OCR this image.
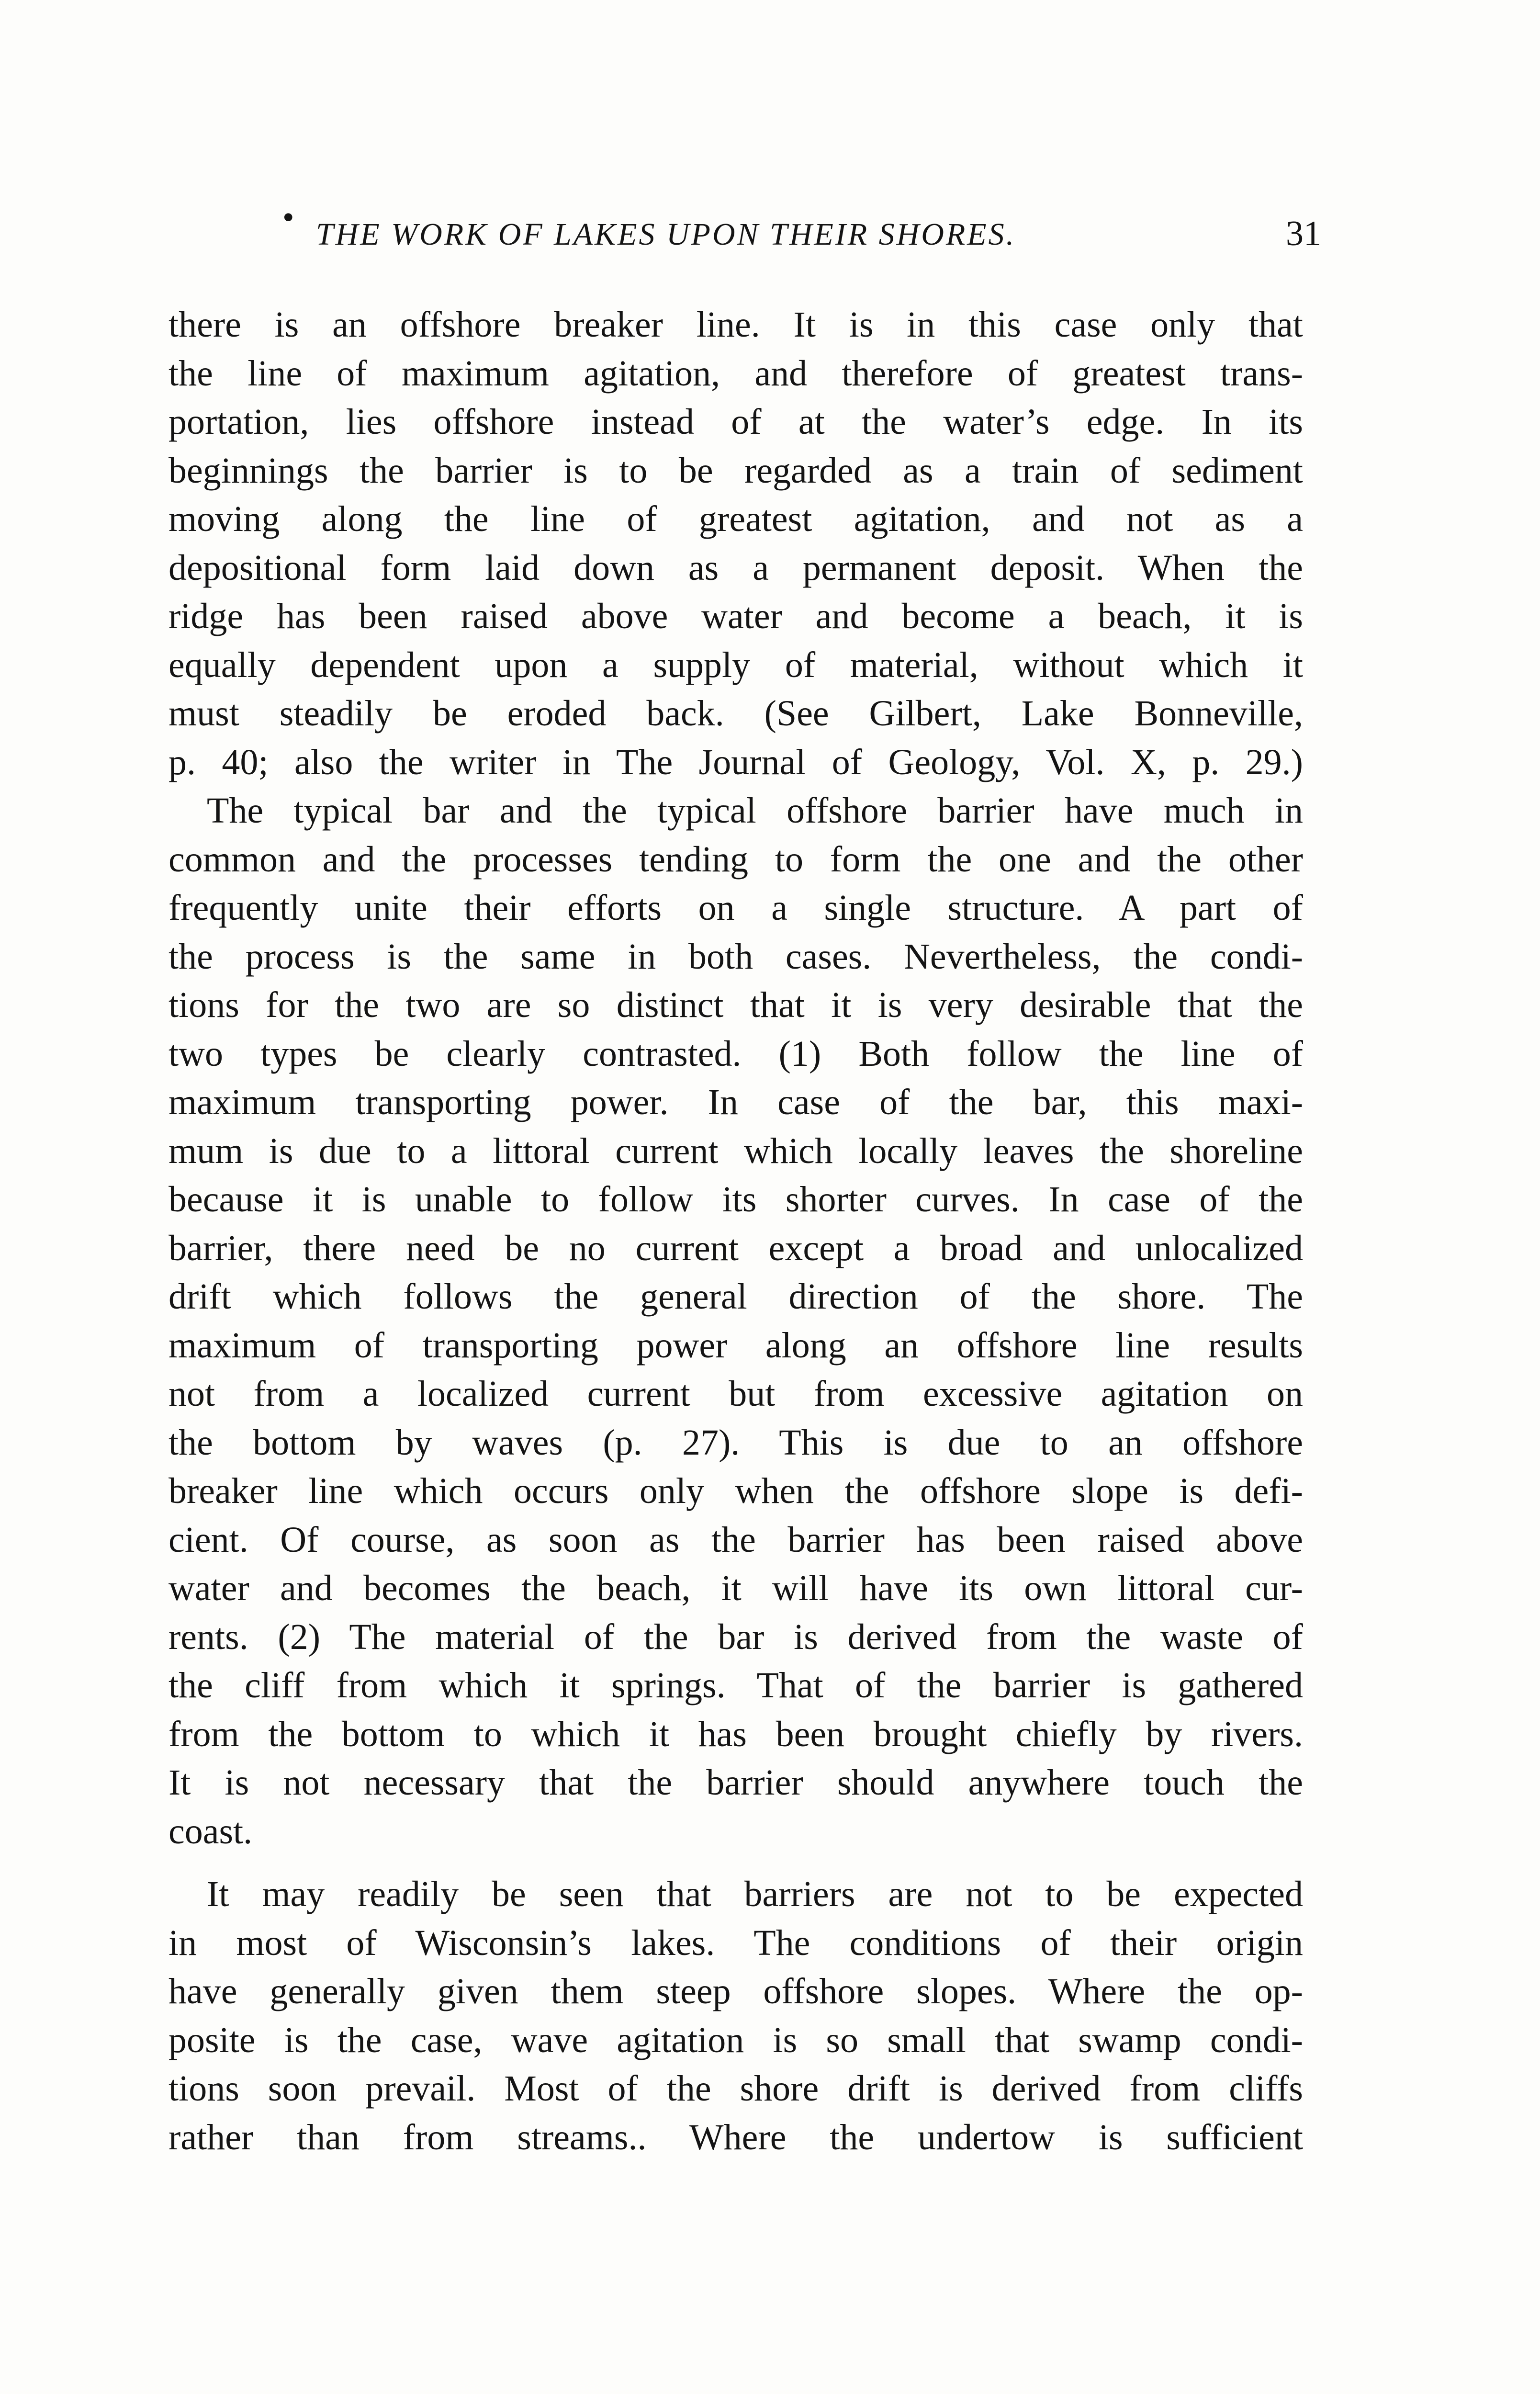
• THE WORK OF LAKES UPON THEIR SHORES.	31
there is an offshore breaker line. It is in this case only that
the line of maximum agitation, and therefore of greatest trans-
portation, lies offshore instead of at the water’s edge. In its
beginnings the barrier is to be regarded as a train of sediment
moving along the line of greatest agitation, and not as a
depositional form laid down as a permanent deposit. When the
ridge has been raised above water and become a beach, it is
equally dependent upon a supply of material, without which it
must steadily be eroded back. (See Gilbert, Lake Bonneville,
p. 40; also the writer in The Journal of Geology, Vol. X, p. 29.)
The typical bar and the typical offshore barrier have much in
common and the processes tending to form the one and the other
frequently unite their efforts on a single structure. A part of
the process is the same in both cases. Nevertheless, the condi-
tions for the two are so distinct that it is very desirable that the
two types be clearly contrasted. (1) Both follow the line of
maximum transporting power. In case of the bar, this maxi-
mum is due to a littoral current which locally leaves the shoreline
because it is unable to follow its shorter curves. In case of the
barrier, there need be no current except a broad and unlocalized
drift which follows the general direction of the shore. The
maximum of transporting power along an offshore line results
not from a localized current but from excessive agitation on
the bottom by waves (p. 27). This is due to an offshore
breaker line which occurs only when the offshore slope is defi-
cient. Of course, as soon as the barrier has been raised above
water and becomes the beach, it will have its own littoral cur-
rents. (2) The material of the bar is derived from the waste of
the cliff from which it springs. That of the barrier is gathered
from the bottom to which it has been brought chiefly by rivers.
It is not necessary that the barrier should anywhere touch the
coast.
It may readily be seen that barriers are not to be expected
in most of Wisconsin’s lakes. The conditions of their origin
have generally given them steep offshore slopes. Where the op-
posite is the case, wave agitation is so small that swamp condi-
tions soon prevail. Most of the shore drift is derived from cliffs
rather than from streams.. Where the undertow is sufficient
